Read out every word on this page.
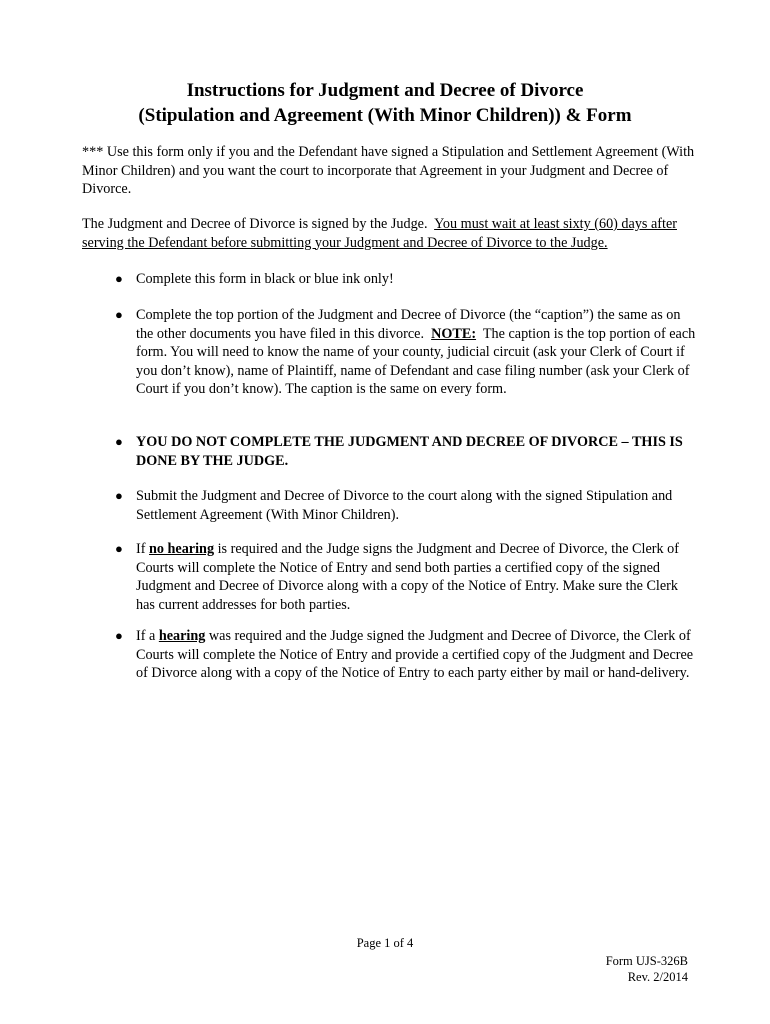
Instructions for Judgment and Decree of Divorce
(Stipulation and Agreement (With Minor Children)) & Form

*** Use this form only if you and the Defendant have signed a Stipulation and Settlement Agreement (With Minor Children) and you want the court to incorporate that Agreement in your Judgment and Decree of Divorce.

The Judgment and Decree of Divorce is signed by the Judge. You must wait at least sixty (60) days after serving the Defendant before submitting your Judgment and Decree of Divorce to the Judge.

● Complete this form in black or blue ink only!
● Complete the top portion of the Judgment and Decree of Divorce (the “caption”) the same as on the other documents you have filed in this divorce. NOTE: The caption is the top portion of each form. You will need to know the name of your county, judicial circuit (ask your Clerk of Court if you don’t know), name of Plaintiff, name of Defendant and case filing number (ask your Clerk of Court if you don’t know). The caption is the same on every form.
● YOU DO NOT COMPLETE THE JUDGMENT AND DECREE OF DIVORCE – THIS IS DONE BY THE JUDGE.
● Submit the Judgment and Decree of Divorce to the court along with the signed Stipulation and Settlement Agreement (With Minor Children).
● If no hearing is required and the Judge signs the Judgment and Decree of Divorce, the Clerk of Courts will complete the Notice of Entry and send both parties a certified copy of the signed Judgment and Decree of Divorce along with a copy of the Notice of Entry. Make sure the Clerk has current addresses for both parties.
● If a hearing was required and the Judge signed the Judgment and Decree of Divorce, the Clerk of Courts will complete the Notice of Entry and provide a certified copy of the Judgment and Decree of Divorce along with a copy of the Notice of Entry to each party either by mail or hand-delivery.
Page 1 of 4
Form UJS-326B
Rev. 2/2014
